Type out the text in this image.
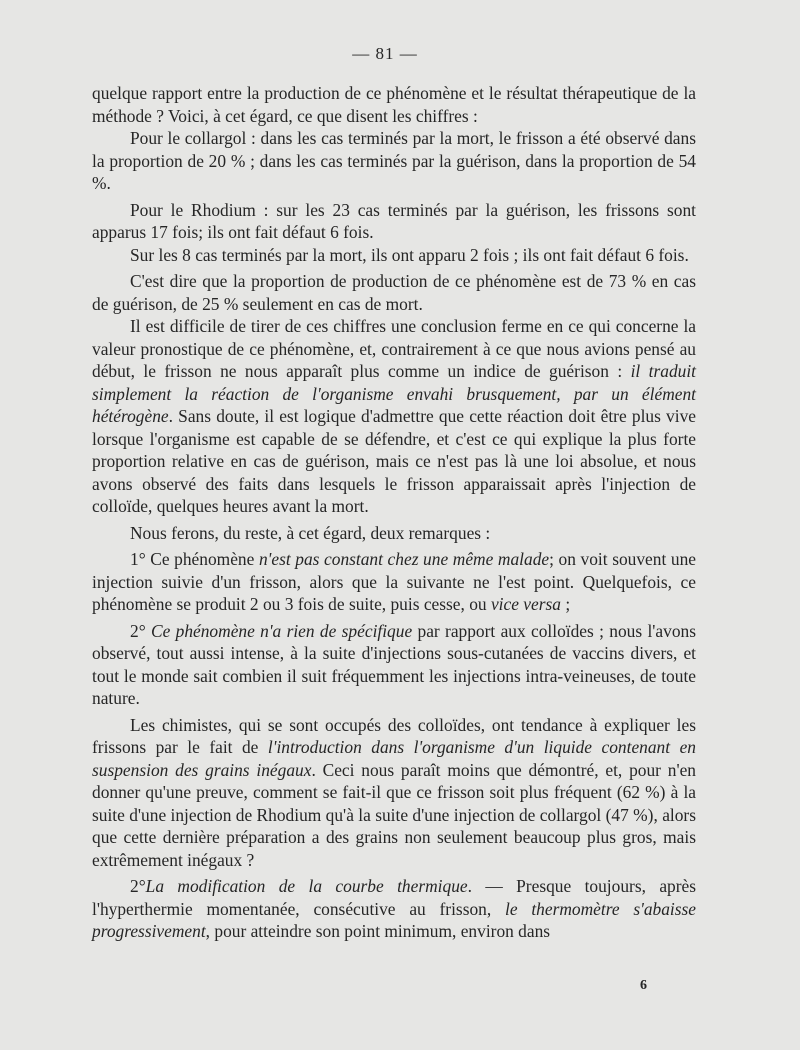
— 81 —

quelque rapport entre la production de ce phénomène et le résultat thérapeutique de la méthode ? Voici, à cet égard, ce que disent les chiffres :

Pour le collargol : dans les cas terminés par la mort, le frisson a été observé dans la proportion de 20 % ; dans les cas terminés par la guérison, dans la proportion de 54 %.

Pour le Rhodium : sur les 23 cas terminés par la guérison, les frissons sont apparus 17 fois; ils ont fait défaut 6 fois.

Sur les 8 cas terminés par la mort, ils ont apparu 2 fois ; ils ont fait défaut 6 fois.

C'est dire que la proportion de production de ce phénomène est de 73 % en cas de guérison, de 25 % seulement en cas de mort.

Il est difficile de tirer de ces chiffres une conclusion ferme en ce qui concerne la valeur pronostique de ce phénomène, et, contrairement à ce que nous avions pensé au début, le frisson ne nous apparaît plus comme un indice de guérison : il traduit simplement la réaction de l'organisme envahi brusquement, par un élément hétérogène. Sans doute, il est logique d'admettre que cette réaction doit être plus vive lorsque l'organisme est capable de se défendre, et c'est ce qui explique la plus forte proportion relative en cas de guérison, mais ce n'est pas là une loi absolue, et nous avons observé des faits dans lesquels le frisson apparaissait après l'injection de colloïde, quelques heures avant la mort.

Nous ferons, du reste, à cet égard, deux remarques :

1° Ce phénomène n'est pas constant chez une même malade; on voit souvent une injection suivie d'un frisson, alors que la suivante ne l'est point. Quelquefois, ce phénomène se produit 2 ou 3 fois de suite, puis cesse, ou vice versa ;

2° Ce phénomène n'a rien de spécifique par rapport aux colloïdes ; nous l'avons observé, tout aussi intense, à la suite d'injections sous-cutanées de vaccins divers, et tout le monde sait combien il suit fréquemment les injections intra-veineuses, de toute nature.

Les chimistes, qui se sont occupés des colloïdes, ont tendance à expliquer les frissons par le fait de l'introduction dans l'organisme d'un liquide contenant en suspension des grains inégaux. Ceci nous paraît moins que démontré, et, pour n'en donner qu'une preuve, comment se fait-il que ce frisson soit plus fréquent (62 %) à la suite d'une injection de Rhodium qu'à la suite d'une injection de collargol (47 %), alors que cette dernière préparation a des grains non seulement beaucoup plus gros, mais extrêmement inégaux ?

2°La modification de la courbe thermique. — Presque toujours, après l'hyperthermie momentanée, consécutive au frisson, le thermomètre s'abaisse progressivement, pour atteindre son point minimum, environ dans

6
